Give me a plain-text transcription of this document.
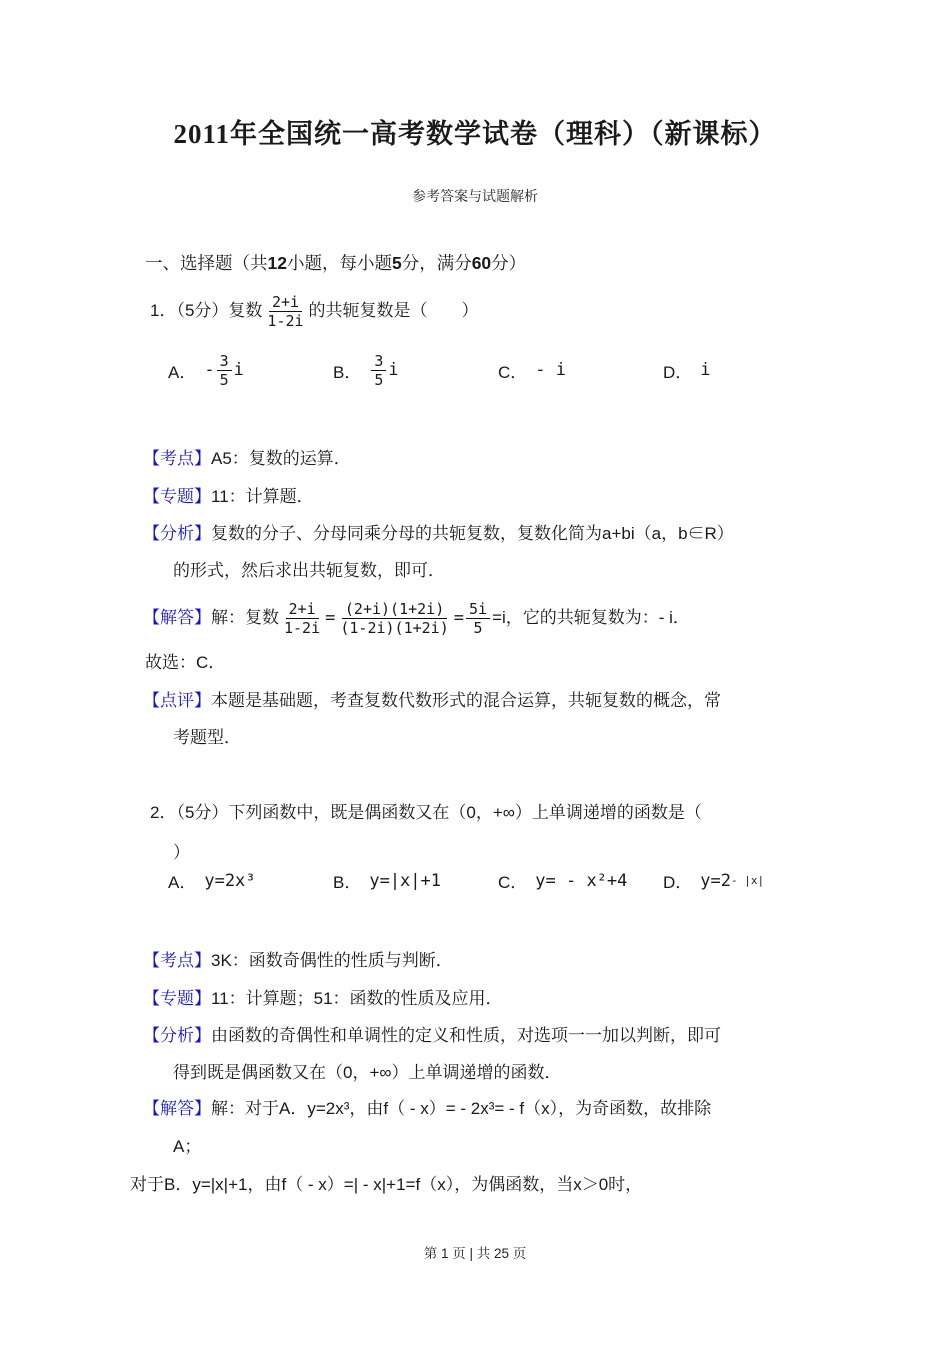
2011年全国统一高考数学试卷（理科）（新课标）
参考答案与试题解析
一、选择题（共12小题，每小题5分，满分60分）
1．（5分）复数 $\frac{2+i}{1-2i}$ 的共轭复数是（　　）
A． - $\frac{3}{5}$ i	B． $\frac{3}{5}$ i	C． - i	D． i
【考点】A5：复数的运算．
【专题】11：计算题．
【分析】复数的分子、分母同乘分母的共轭复数，复数化简为a+bi（a，b∈R）
的形式，然后求出共轭复数，即可．
【解答】 解：复数 $\frac{2+i}{1-2i} = \frac{(2+i)(1+2i)}{(1-2i)(1+2i)} = \frac{5i}{5} =i$，它的共轭复数为：- i．
故选：C．
【点评】本题是基础题，考查复数代数形式的混合运算，共轭复数的概念，常
考题型．
2．（5分）下列函数中，既是偶函数又在（0，+∞）上单调递增的函数是（
）
A． y=2x³	B． y=|x|+1	C． y= - x²+4 D． y=2 - |x|
【考点】3K：函数奇偶性的性质与判断．
【专题】11：计算题；51：函数的性质及应用．
【分析】由函数的奇偶性和单调性的定义和性质，对选项一一加以判断，即可
得到既是偶函数又在（0，+∞）上单调递增的函数．
【解答】解：对于A．y=2x³，由f（ - x）= - 2x³= - f（x），为奇函数，故排除
A；
对于B．y=|x|+1，由f（ - x）=| - x|+1=f（x），为偶函数，当x＞0时，
第 1 页 | 共 25 页
